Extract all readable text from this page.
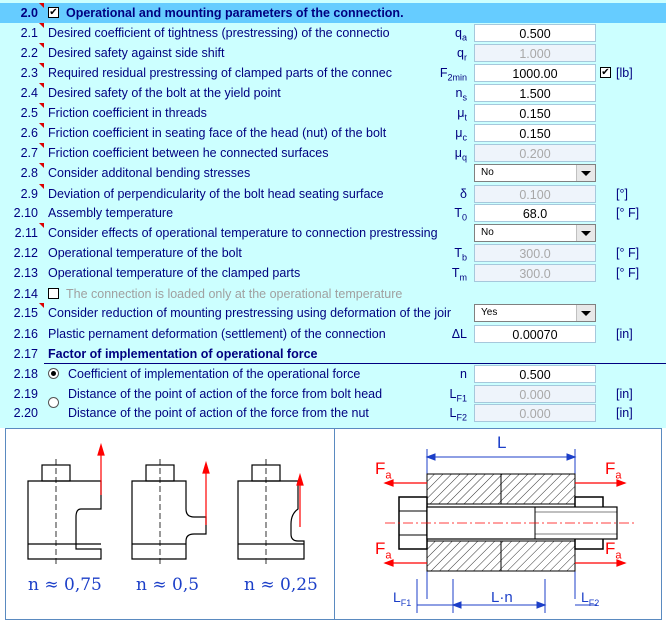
2.0 ✔ Operational and mounting parameters of the connection.
2.1 Desired coefficient of tightness (prestressing) of the connectio	$q_a$	0.500
2.2 Desired safety against side shift	$q_r$	1.000
2.3 Required residual prestressing of clamped parts of the connec	$F_{2min}$	1000.00	✔ [lb]
2.4 Desired safety of the bolt at the yield point	$n_s$	1.500
2.5 Friction coefficient in threads	$\mu_t$	0.150
2.6 Friction coefficient in seating face of the head (nut) of the bolt	$\mu_c$	0.150
2.7 Friction coefficient between he connected surfaces	$\mu_q$	0.200
2.8 Consider additonal bending stresses	No
2.9 Deviation of perpendicularity of the bolt head seating surface	δ	0.100	[°]
2.10 Assembly temperature	$T_0$	68.0	[° F]
2.11 Consider effects of operational temperature to connection prestressing	No
2.12 Operational temperature of the bolt	$T_b$	300.0	[° F]
2.13 Operational temperature of the clamped parts	$T_m$	300.0	[° F]
2.14 The connection is loaded only at the operational temperature
2.15 Consider reduction of mounting prestressing using deformation of the joir	Yes
2.16 Plastic pernament deformation (settlement) of the connection	ΔL	0.00070	[in]
2.17 Factor of implementation of operational force
2.18 Coefficient of implementation of the operational force	n	0.500
2.19 Distance of the point of action of the force from bolt head	$L_{F1}$	0.000	[in]
2.20 Distance of the point of action of the force from the nut	$L_{F2}$	0.000	[in]
n ≈ 0,75 n ≈ 0,5	n ≈ 0,25
L
$F_a$	$F_a$
$F_a$	$F_a$
$L_{F1}$	L·n	$L_{F2}$
